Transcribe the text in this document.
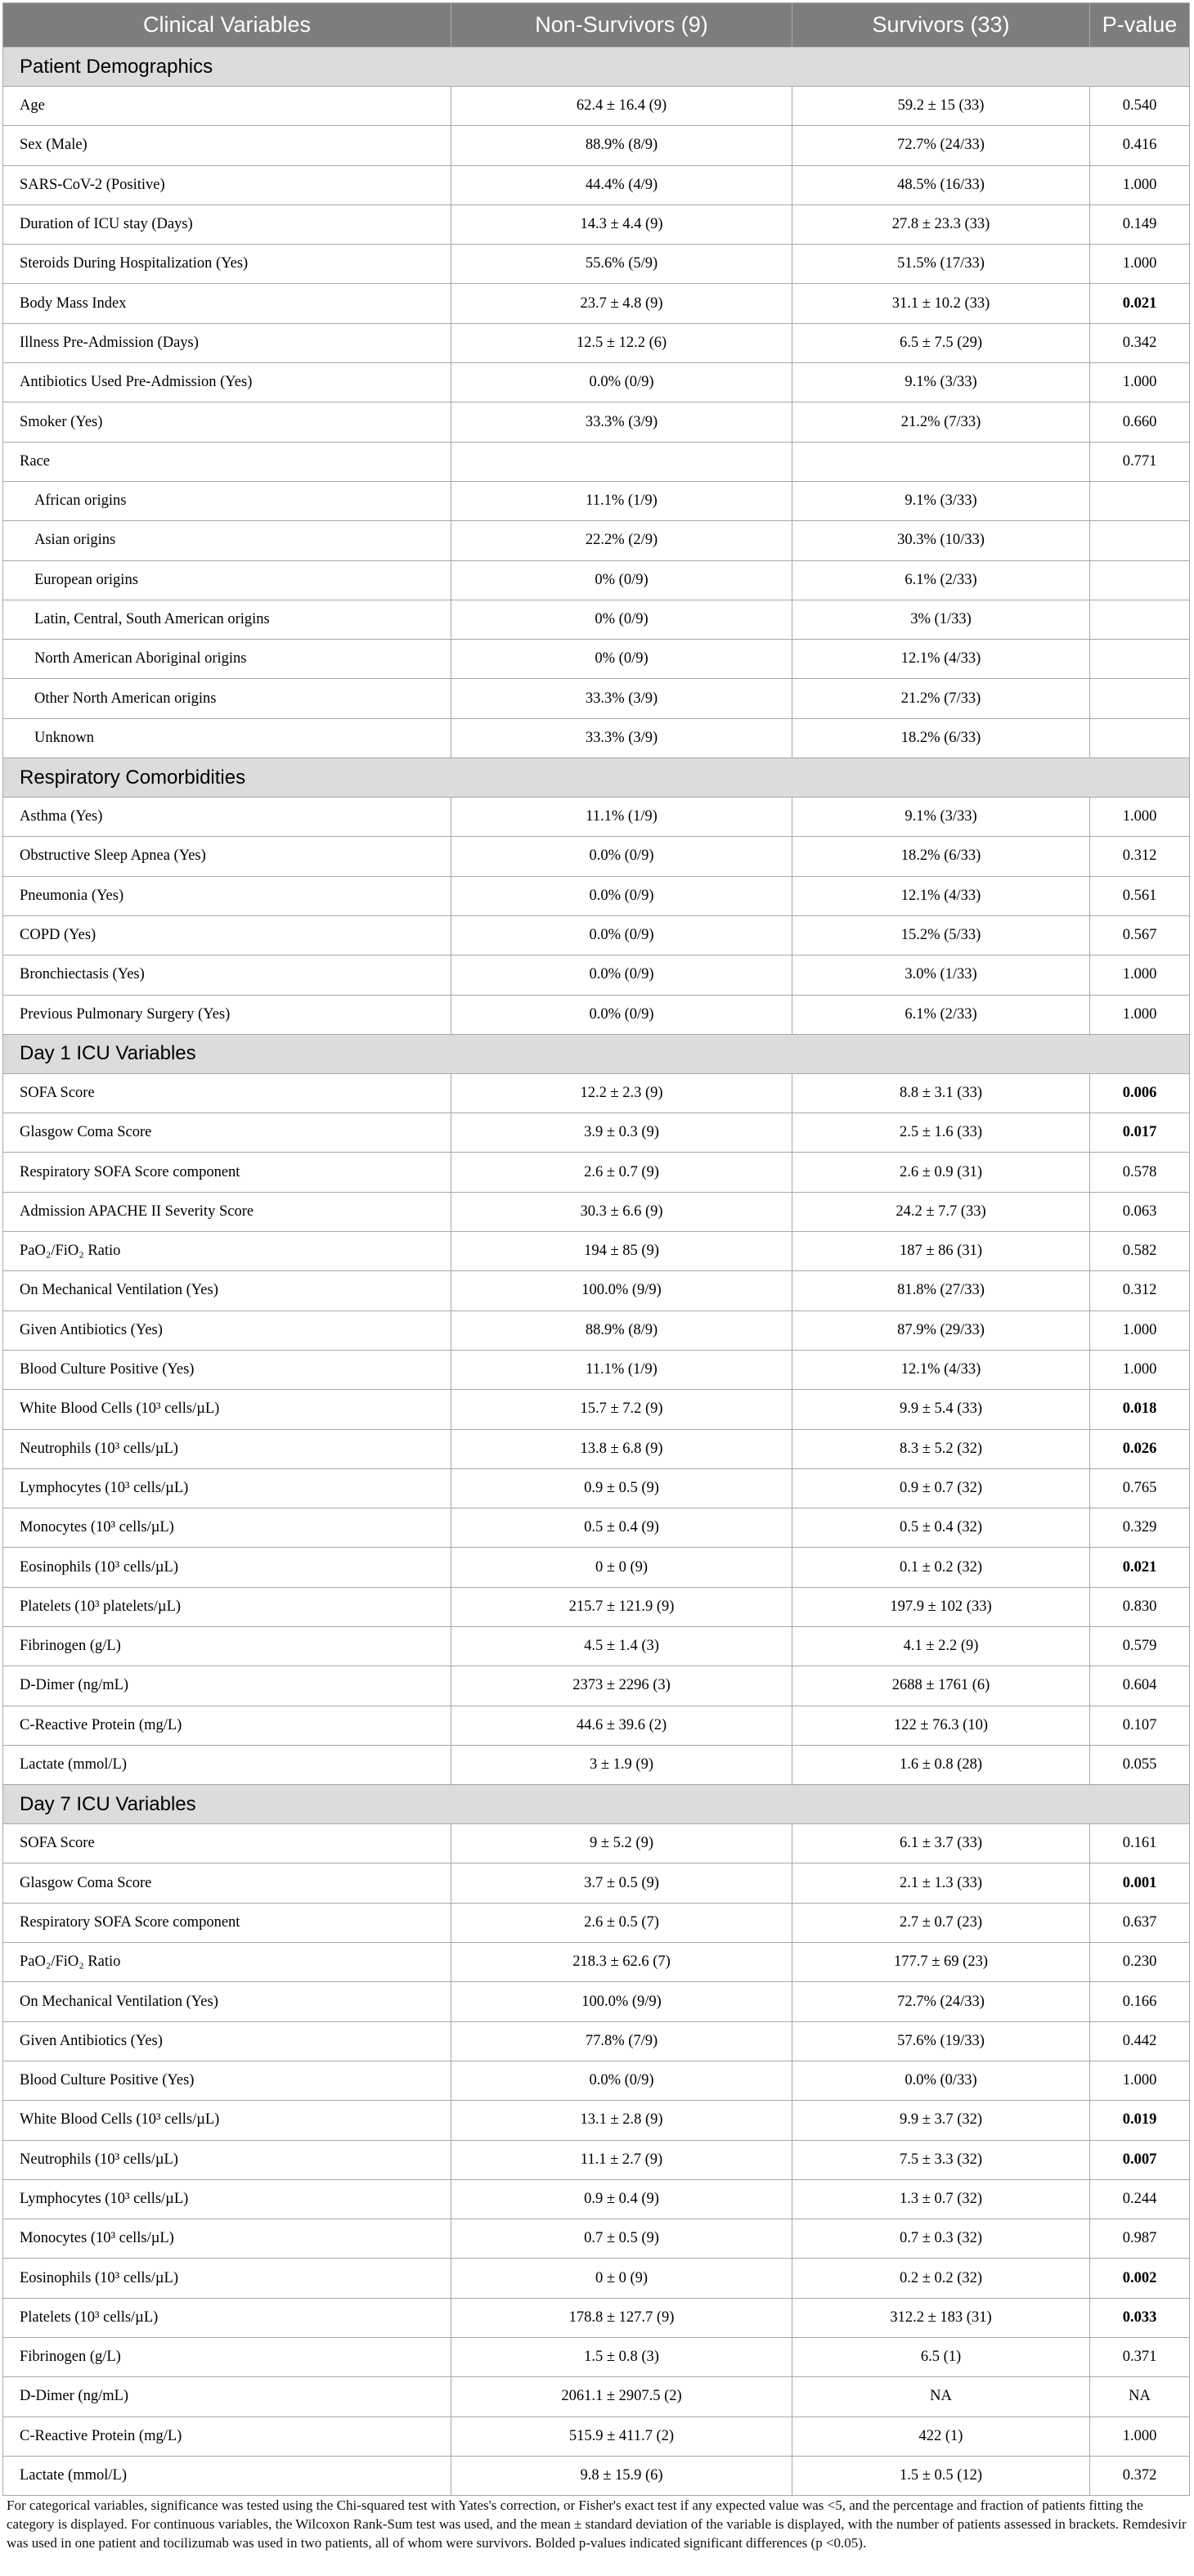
Clinical Variables	Non-Survivors (9)	Survivors (33)	P-value
Patient Demographics			
Age	62.4 ± 16.4 (9)	59.2 ± 15 (33)	0.540
Sex (Male)	88.9% (8/9)	72.7% (24/33)	0.416
SARS-CoV-2 (Positive)	44.4% (4/9)	48.5% (16/33)	1.000
Duration of ICU stay (Days)	14.3 ± 4.4 (9)	27.8 ± 23.3 (33)	0.149
Steroids During Hospitalization (Yes)	55.6% (5/9)	51.5% (17/33)	1.000
Body Mass Index	23.7 ± 4.8 (9)	31.1 ± 10.2 (33)	0.021
Illness Pre-Admission (Days)	12.5 ± 12.2 (6)	6.5 ± 7.5 (29)	0.342
Antibiotics Used Pre-Admission (Yes)	0.0% (0/9)	9.1% (3/33)	1.000
Smoker (Yes)	33.3% (3/9)	21.2% (7/33)	0.660
Race			0.771
African origins	11.1% (1/9)	9.1% (3/33)	
Asian origins	22.2% (2/9)	30.3% (10/33)	
European origins	0% (0/9)	6.1% (2/33)	
Latin, Central, South American origins	0% (0/9)	3% (1/33)	
North American Aboriginal origins	0% (0/9)	12.1% (4/33)	
Other North American origins	33.3% (3/9)	21.2% (7/33)	
Unknown	33.3% (3/9)	18.2% (6/33)	
Respiratory Comorbidities			
Asthma (Yes)	11.1% (1/9)	9.1% (3/33)	1.000
Obstructive Sleep Apnea (Yes)	0.0% (0/9)	18.2% (6/33)	0.312
Pneumonia (Yes)	0.0% (0/9)	12.1% (4/33)	0.561
COPD (Yes)	0.0% (0/9)	15.2% (5/33)	0.567
Bronchiectasis (Yes)	0.0% (0/9)	3.0% (1/33)	1.000
Previous Pulmonary Surgery (Yes)	0.0% (0/9)	6.1% (2/33)	1.000
Day 1 ICU Variables			
SOFA Score	12.2 ± 2.3 (9)	8.8 ± 3.1 (33)	0.006
Glasgow Coma Score	3.9 ± 0.3 (9)	2.5 ± 1.6 (33)	0.017
Respiratory SOFA Score component	2.6 ± 0.7 (9)	2.6 ± 0.9 (31)	0.578
Admission APACHE II Severity Score	30.3 ± 6.6 (9)	24.2 ± 7.7 (33)	0.063
PaO₂/FiO₂ Ratio	194 ± 85 (9)	187 ± 86 (31)	0.582
On Mechanical Ventilation (Yes)	100.0% (9/9)	81.8% (27/33)	0.312
Given Antibiotics (Yes)	88.9% (8/9)	87.9% (29/33)	1.000
Blood Culture Positive (Yes)	11.1% (1/9)	12.1% (4/33)	1.000
White Blood Cells (10³ cells/µL)	15.7 ± 7.2 (9)	9.9 ± 5.4 (33)	0.018
Neutrophils (10³ cells/µL)	13.8 ± 6.8 (9)	8.3 ± 5.2 (32)	0.026
Lymphocytes (10³ cells/µL)	0.9 ± 0.5 (9)	0.9 ± 0.7 (32)	0.765
Monocytes (10³ cells/µL)	0.5 ± 0.4 (9)	0.5 ± 0.4 (32)	0.329
Eosinophils (10³ cells/µL)	0 ± 0 (9)	0.1 ± 0.2 (32)	0.021
Platelets (10³ platelets/µL)	215.7 ± 121.9 (9)	197.9 ± 102 (33)	0.830
Fibrinogen (g/L)	4.5 ± 1.4 (3)	4.1 ± 2.2 (9)	0.579
D-Dimer (ng/mL)	2373 ± 2296 (3)	2688 ± 1761 (6)	0.604
C-Reactive Protein (mg/L)	44.6 ± 39.6 (2)	122 ± 76.3 (10)	0.107
Lactate (mmol/L)	3 ± 1.9 (9)	1.6 ± 0.8 (28)	0.055
Day 7 ICU Variables			
SOFA Score	9 ± 5.2 (9)	6.1 ± 3.7 (33)	0.161
Glasgow Coma Score	3.7 ± 0.5 (9)	2.1 ± 1.3 (33)	0.001
Respiratory SOFA Score component	2.6 ± 0.5 (7)	2.7 ± 0.7 (23)	0.637
PaO₂/FiO₂ Ratio	218.3 ± 62.6 (7)	177.7 ± 69 (23)	0.230
On Mechanical Ventilation (Yes)	100.0% (9/9)	72.7% (24/33)	0.166
Given Antibiotics (Yes)	77.8% (7/9)	57.6% (19/33)	0.442
Blood Culture Positive (Yes)	0.0% (0/9)	0.0% (0/33)	1.000
White Blood Cells (10³ cells/µL)	13.1 ± 2.8 (9)	9.9 ± 3.7 (32)	0.019
Neutrophils (10³ cells/µL)	11.1 ± 2.7 (9)	7.5 ± 3.3 (32)	0.007
Lymphocytes (10³ cells/µL)	0.9 ± 0.4 (9)	1.3 ± 0.7 (32)	0.244
Monocytes (10³ cells/µL)	0.7 ± 0.5 (9)	0.7 ± 0.3 (32)	0.987
Eosinophils (10³ cells/µL)	0 ± 0 (9)	0.2 ± 0.2 (32)	0.002
Platelets (10³ cells/µL)	178.8 ± 127.7 (9)	312.2 ± 183 (31)	0.033
Fibrinogen (g/L)	1.5 ± 0.8 (3)	6.5 (1)	0.371
D-Dimer (ng/mL)	2061.1 ± 2907.5 (2)	NA	NA
C-Reactive Protein (mg/L)	515.9 ± 411.7 (2)	422 (1)	1.000
Lactate (mmol/L)	9.8 ± 15.9 (6)	1.5 ± 0.5 (12)	0.372
For categorical variables, significance was tested using the Chi-squared test with Yates's correction, or Fisher's exact test if any expected value was <5, and the percentage and fraction of patients fitting the category is displayed. For continuous variables, the Wilcoxon Rank-Sum test was used, and the mean ± standard deviation of the variable is displayed, with the number of patients assessed in brackets. Remdesivir was used in one patient and tocilizumab was used in two patients, all of whom were survivors. Bolded p-values indicated significant differences (p <0.05).
